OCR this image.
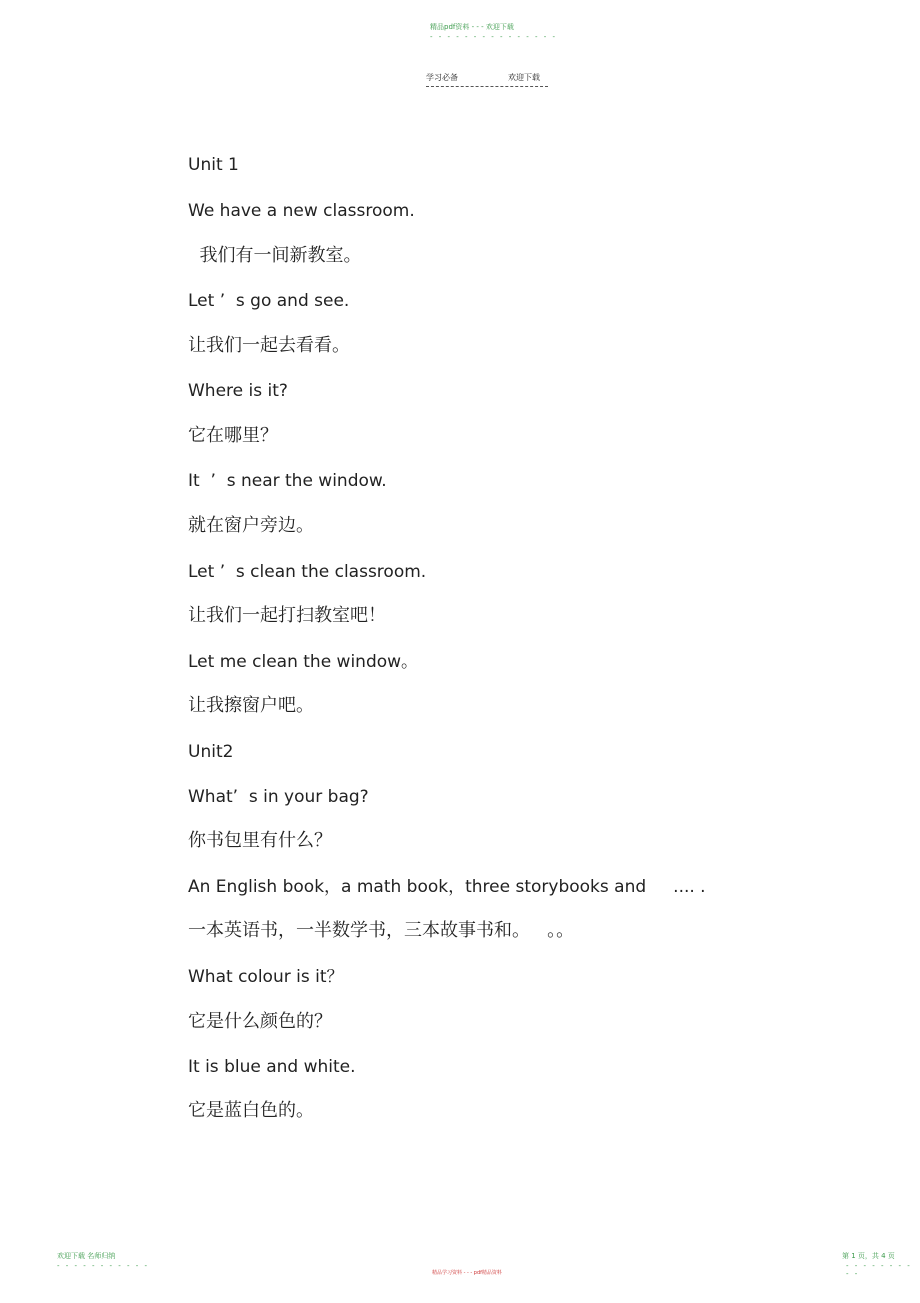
精品pdf资料 - - - 欢迎下载
- - - - - - - - - - - - - - -
学习必备	欢迎下载
Unit 1
We have a new classroom.
我们有一间新教室。
Let ’  s go and see.
让我们一起去看看。
Where is it?
它在哪里？
It  ’  s near the window.
就在窗户旁边。
Let ’  s clean the classroom.
让我们一起打扫教室吧！
Let me clean the window。
让我擦窗户吧。
Unit2
What’  s in your bag?
你书包里有什么？
An English book，a math book，three storybooks and     .... .
一本英语书，一半数学书，三本故事书和。   。。
What colour is it？
它是什么颜色的？
It is blue and white.
它是蓝白色的。
欢迎下载 名师归纳
- - - - - - - - - - -
精品学习资料 - - - pdf精品资料
第 1 页，共 4 页
- - - - - - - - - -
